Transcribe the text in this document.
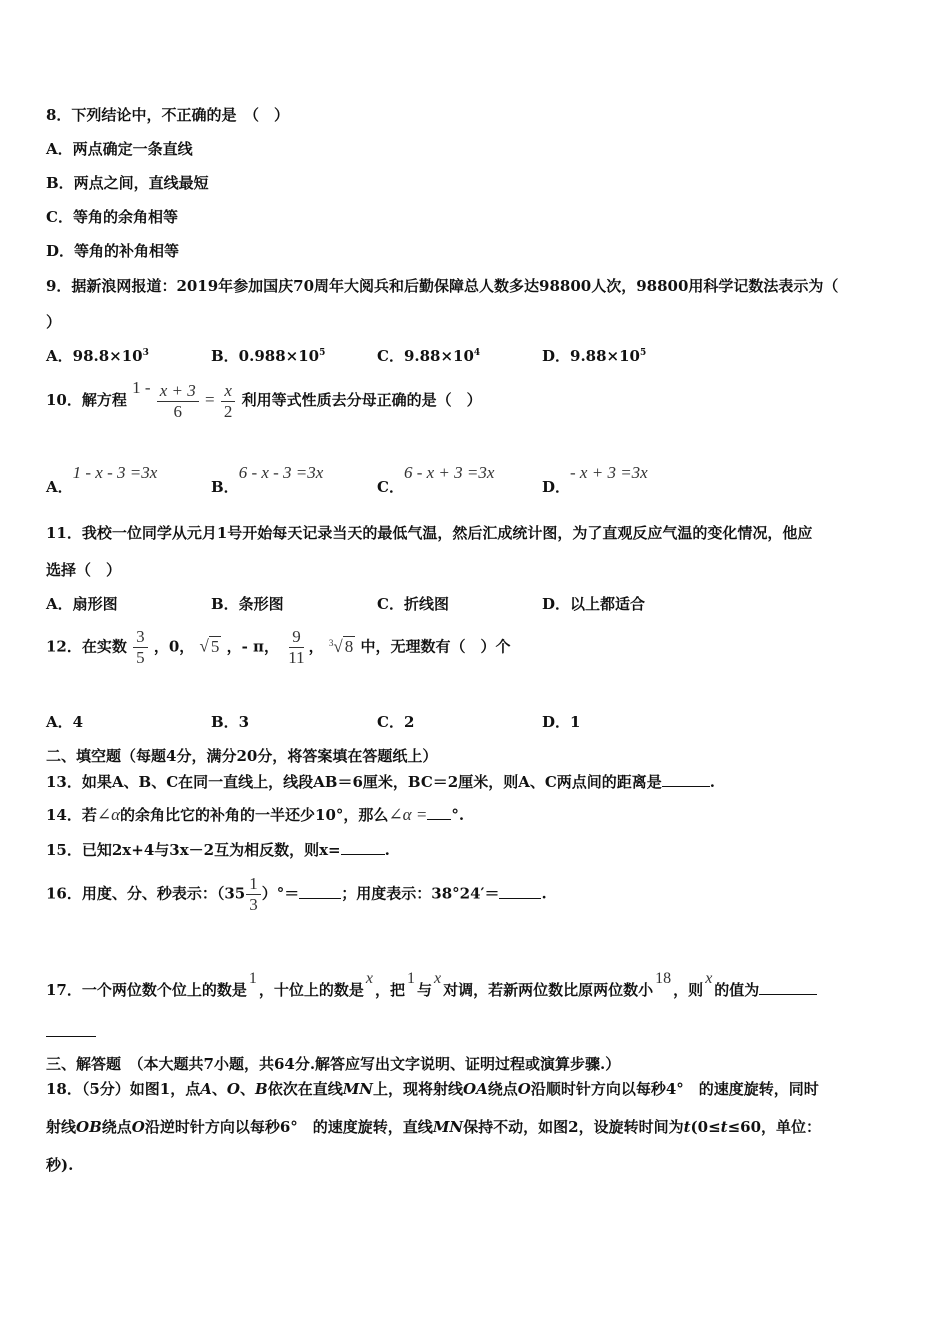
8．下列结论中，不正确的是　（　）
A．两点确定一条直线
B．两点之间，直线最短
C．等角的余角相等
D．等角的补角相等
9．据新浪网报道：2019年参加国庆70周年大阅兵和后勤保障总人数多达98800人次，98800用科学记数法表示为（
）
A．$98.8\times 10^3$	B．$0.988\times 10^5$	C．$9.88\times 10^4$	D．$9.88\times 10^5$
10．解方程 $1 - \frac{x + 3}{6} = \frac{x}{2}$ 利用等式性质去分母正确的是（　）
A．1 - x - 3 =3x
B．6 - x - 3 =3x
C．6 - x + 3 =3x
D．- x + 3 =3x
11．我校一位同学从元月1号开始每天记录当天的最低气温，然后汇成统计图，为了直观反应气温的变化情况，他应
选择（　）
A．扇形图	B．条形图	C．折线图	D．以上都适合
12．在实数 $\frac{3}{5}$ ，0， √ 5 ，- π， $\frac{9}{11}$ ， $^3$√ 8 中，无理数有（　）个
A．4	B．3	C．2	D．1
二、填空题（每题4分，满分20分，将答案填在答题纸上）
13．如果A、B、C在同一直线上，线段AB＝6厘米，BC＝2厘米，则A、C两点间的距离是	.
14．若∠α的余角比它的补角的一半还少10°，那么∠α = °.
15．已知2x+4与3x－2互为相反数，则x=	.
16．用度、分、秒表示：（$35 \frac{1}{3}$ ）°＝	；用度表示：38°24′＝	.
17．一个两位数个位上的数是1，十位上的数是x，把1与x对调，若新两位数比原两位数小18，则x的值为
三、解答题　（本大题共7小题，共64分.解答应写出文字说明、证明过程或演算步骤.）
18．（5分）如图1，点A、O、B依次在直线MN上，现将射线OA绕点O沿顺时针方向以每秒4°　的速度旋转，同时
射线OB绕点O沿逆时针方向以每秒6°　的速度旋转，直线MN保持不动，如图2，设旋转时间为t(0≤t≤60，单位：
秒).
